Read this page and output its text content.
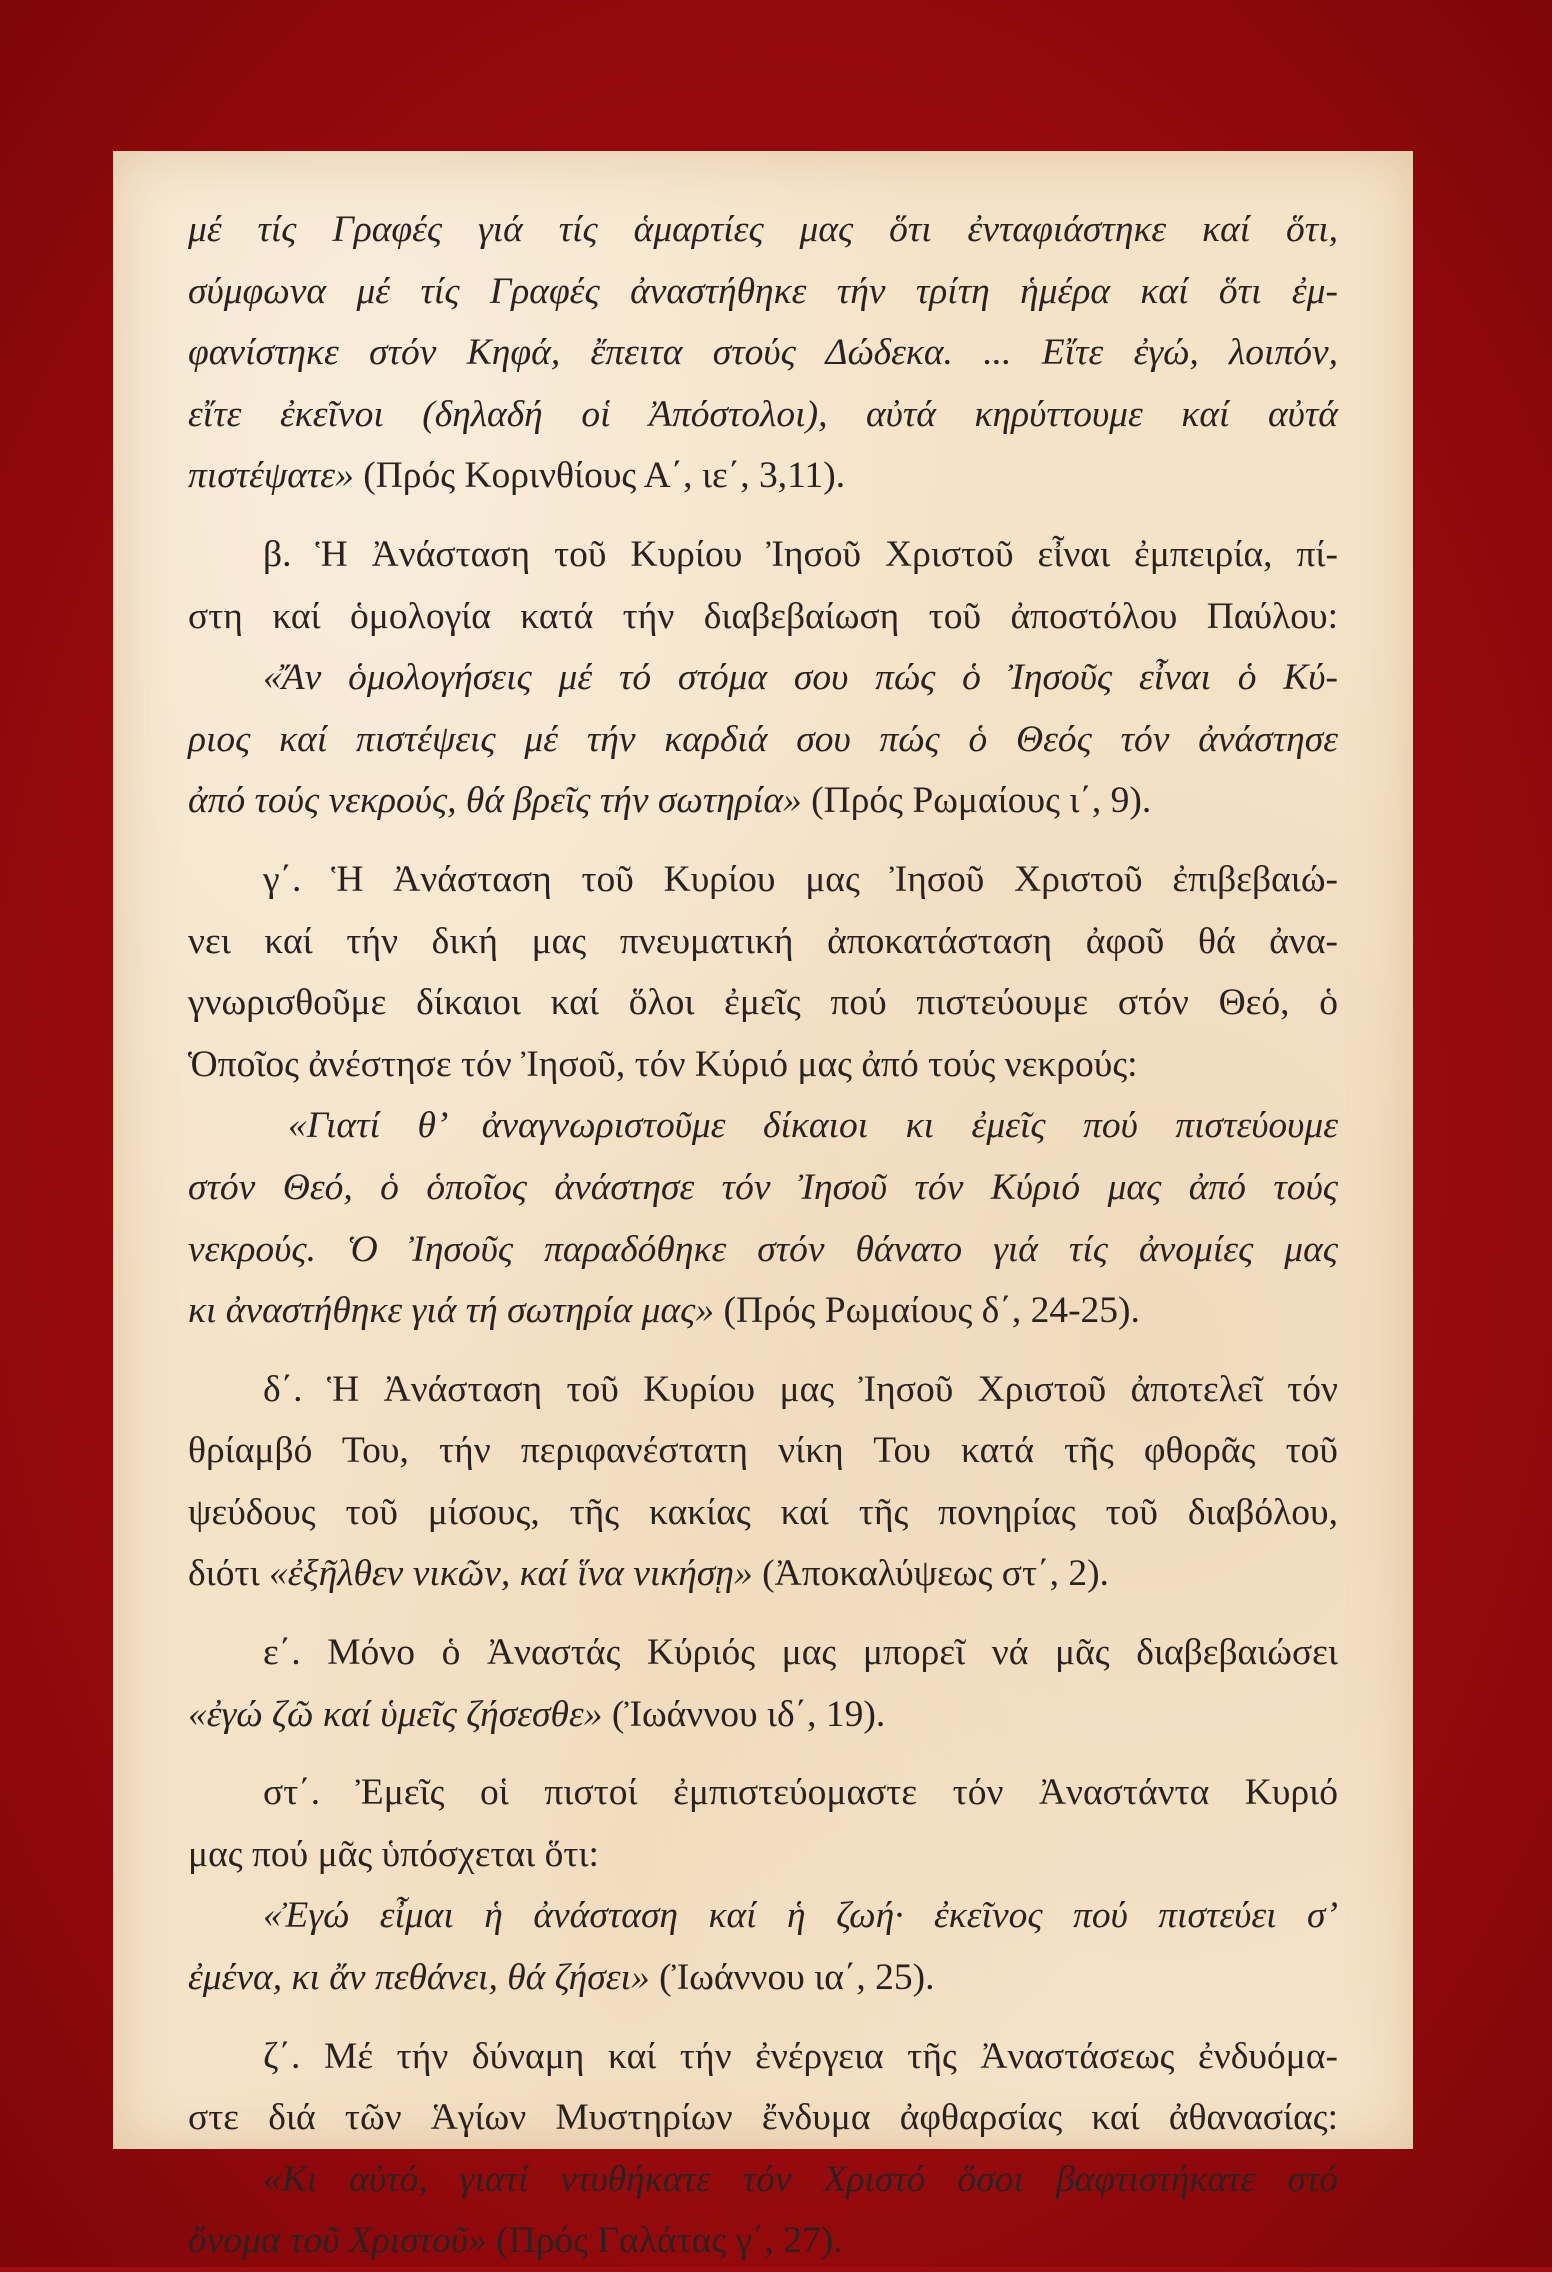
μέ τίς Γραφές γιά τίς ἁμαρτίες μας ὅτι ἐνταφιάστηκε καί ὅτι,
σύμφωνα μέ τίς Γραφές ἀναστήθηκε τήν τρίτη ἡμέρα καί ὅτι ἐμ-
φανίστηκε στόν Κηφά, ἔπειτα στούς Δώδεκα. ... Εἴτε ἐγώ, λοιπόν,
εἴτε ἐκεῖνοι (δηλαδή οἱ Ἀπόστολοι), αὐτά κηρύττουμε καί αὐτά
πιστέψατε» (Πρός Κορινθίους Α΄, ιε΄, 3,11).
β. Ἡ Ἀνάσταση τοῦ Κυρίου Ἰησοῦ Χριστοῦ εἶναι ἐμπειρία, πί-
στη καί ὁμολογία κατά τήν διαβεβαίωση τοῦ ἀποστόλου Παύλου:
«Ἄν ὁμολογήσεις μέ τό στόμα σου πώς ὁ Ἰησοῦς εἶναι ὁ Κύ-
ριος καί πιστέψεις μέ τήν καρδιά σου πώς ὁ Θεός τόν ἀνάστησε
ἀπό τούς νεκρούς, θά βρεῖς τήν σωτηρία» (Πρός Ρωμαίους ι΄, 9).
γ΄. Ἡ Ἀνάσταση τοῦ Κυρίου μας Ἰησοῦ Χριστοῦ ἐπιβεβαιώ-
νει καί τήν δική μας πνευματική ἀποκατάσταση ἀφοῦ θά ἀνα-
γνωρισθοῦμε δίκαιοι καί ὅλοι ἐμεῖς πού πιστεύουμε στόν Θεό, ὁ
Ὁποῖος ἀνέστησε τόν Ἰησοῦ, τόν Κύριό μας ἀπό τούς νεκρούς:
«Γιατί θ’ ἀναγνωριστοῦμε δίκαιοι κι ἐμεῖς πού πιστεύουμε
στόν Θεό, ὁ ὁποῖος ἀνάστησε τόν Ἰησοῦ τόν Κύριό μας ἀπό τούς
νεκρούς. Ὁ Ἰησοῦς παραδόθηκε στόν θάνατο γιά τίς ἀνομίες μας
κι ἀναστήθηκε γιά τή σωτηρία μας» (Πρός Ρωμαίους δ΄, 24-25).
δ΄. Ἡ Ἀνάσταση τοῦ Κυρίου μας Ἰησοῦ Χριστοῦ ἀποτελεῖ τόν
θρίαμβό Του, τήν περιφανέστατη νίκη Του κατά τῆς φθορᾶς τοῦ
ψεύδους τοῦ μίσους, τῆς κακίας καί τῆς πονηρίας τοῦ διαβόλου,
διότι «ἐξῆλθεν νικῶν, καί ἵνα νικήσῃ» (Ἀποκαλύψεως στ΄, 2).
ε΄. Μόνο ὁ Ἀναστάς Κύριός μας μπορεῖ νά μᾶς διαβεβαιώσει
«ἐγώ ζῶ καί ὑμεῖς ζήσεσθε» (Ἰωάννου ιδ΄, 19).
στ΄. Ἐμεῖς οἱ πιστοί ἐμπιστεύομαστε τόν Ἀναστάντα Κυριό
μας πού μᾶς ὑπόσχεται ὅτι:
«Ἐγώ εἶμαι ἡ ἀνάσταση καί ἡ ζωή· ἐκεῖνος πού πιστεύει σ’
ἐμένα, κι ἄν πεθάνει, θά ζήσει» (Ἰωάννου ια΄, 25).
ζ΄. Μέ τήν δύναμη καί τήν ἐνέργεια τῆς Ἀναστάσεως ἐνδυόμα-
στε διά τῶν Ἁγίων Μυστηρίων ἔνδυμα ἀφθαρσίας καί ἀθανασίας:
«Κι αὐτό, γιατί ντυθήκατε τόν Χριστό ὅσοι βαφτιστήκατε στό
ὄνομα τοῦ Χριστοῦ» (Πρός Γαλάτας γ΄, 27).
